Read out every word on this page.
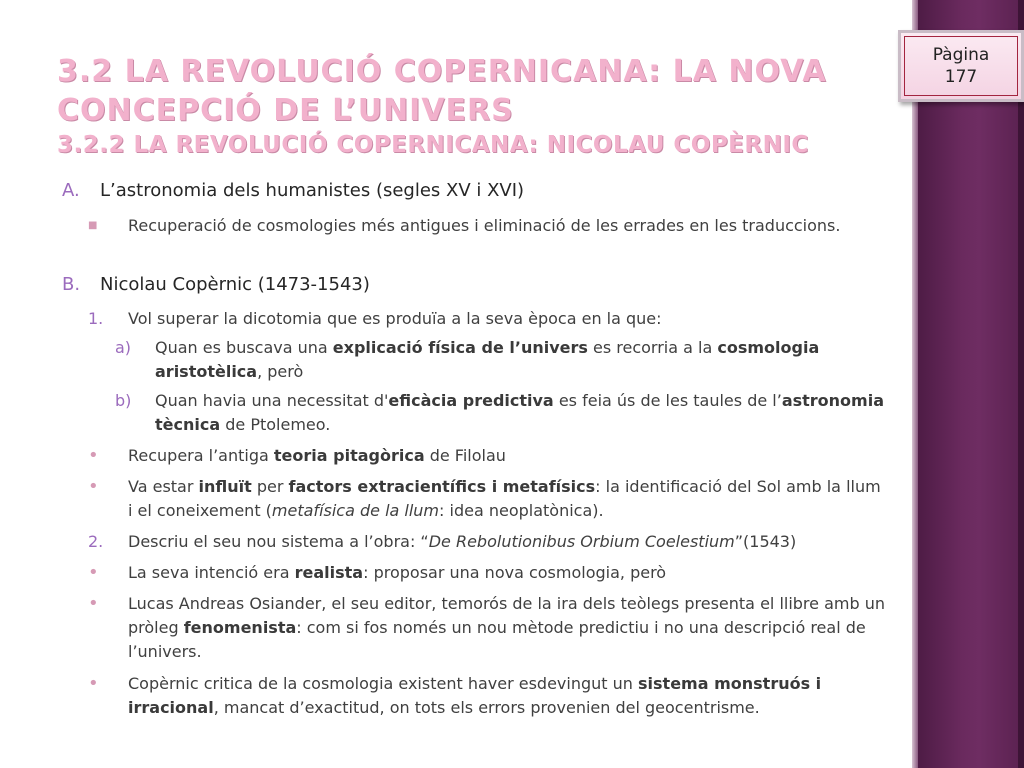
Pàgina
177
3.2 LA REVOLUCIÓ COPERNICANA: LA NOVA CONCEPCIÓ DE L’UNIVERS
3.2.2 LA REVOLUCIÓ COPERNICANA: NICOLAU COPÈRNIC
A. L’astronomia dels humanistes (segles XV i XVI)
■ Recuperació de cosmologies més antigues i eliminació de les errades en les traduccions.
B. Nicolau Copèrnic (1473-1543)
1. Vol superar la dicotomia que es produïa a la seva època en la que:
a) Quan es buscava una explicació física de l’univers es recorria a la cosmologia aristotèlica, però
b) Quan havia una necessitat d'eficàcia predictiva es feia ús de les taules de l’astronomia tècnica de Ptolemeo.
• Recupera l’antiga teoria pitagòrica de Filolau
• Va estar influït per factors extracientífics i metafísics: la identificació del Sol amb la llum i el coneixement (metafísica de la llum: idea neoplatònica).
2. Descriu el seu nou sistema a l’obra: “De Rebolutionibus Orbium Coelestium”(1543)
• La seva intenció era realista: proposar una nova cosmologia, però
• Lucas Andreas Osiander, el seu editor, temorós de la ira dels teòlegs presenta el llibre amb un pròleg fenomenista: com si fos només un nou mètode predictiu i no una descripció real de l’univers.
• Copèrnic critica de la cosmologia existent haver esdevingut un sistema monstruós i irracional, mancat d’exactitud, on tots els errors provenien del geocentrisme.
